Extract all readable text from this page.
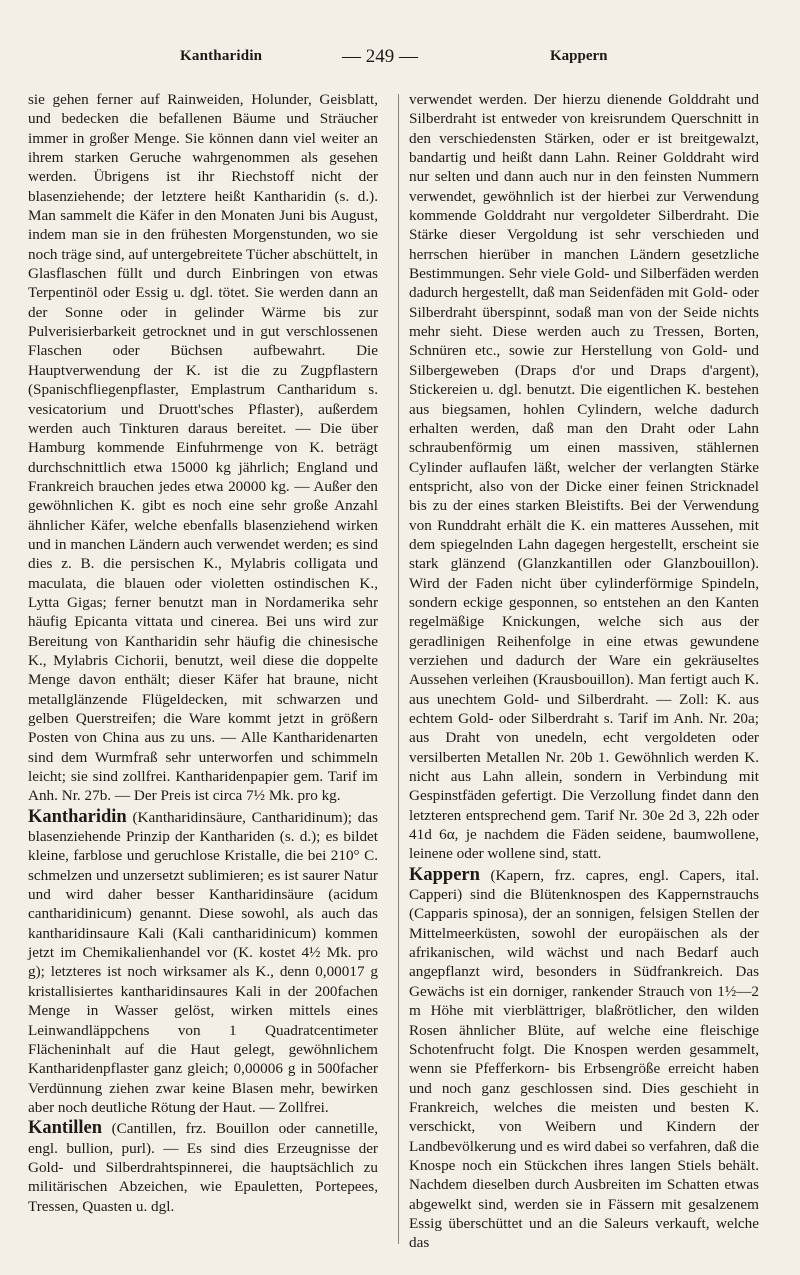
Kantharidin	— 249 —	Kappern

sie gehen ferner auf Rainweiden, Holunder, Geisblatt, und bedecken die befallenen Bäume und Sträucher immer in großer Menge. Sie können dann viel weiter an ihrem starken Geruche wahrgenommen als gesehen werden. Übrigens ist ihr Riechstoff nicht der blasenziehende; der letztere heißt Kantharidin (s. d.). Man sammelt die Käfer in den Monaten Juni bis August, indem man sie in den frühesten Morgenstunden, wo sie noch träge sind, auf untergebreitete Tücher abschüttelt, in Glasflaschen füllt und durch Einbringen von etwas Terpentinöl oder Essig u. dgl. tötet. Sie werden dann an der Sonne oder in gelinder Wärme bis zur Pulverisierbarkeit getrocknet und in gut verschlossenen Flaschen oder Büchsen aufbewahrt. Die Hauptverwendung der K. ist die zu Zugpflastern (Spanischfliegenpflaster, Emplastrum Cantharidum s. vesicatorium und Druott'sches Pflaster), außerdem werden auch Tinkturen daraus bereitet. — Die über Hamburg kommende Einfuhrmenge von K. beträgt durchschnittlich etwa 15000 kg jährlich; England und Frankreich brauchen jedes etwa 20000 kg. — Außer den gewöhnlichen K. gibt es noch eine sehr große Anzahl ähnlicher Käfer, welche ebenfalls blasenziehend wirken und in manchen Ländern auch verwendet werden; es sind dies z. B. die persischen K., Mylabris colligata und maculata, die blauen oder violetten ostindischen K., Lytta Gigas; ferner benutzt man in Nordamerika sehr häufig Epicanta vittata und cinerea. Bei uns wird zur Bereitung von Kantharidin sehr häufig die chinesische K., Mylabris Cichorii, benutzt, weil diese die doppelte Menge davon enthält; dieser Käfer hat braune, nicht metallglänzende Flügeldecken, mit schwarzen und gelben Querstreifen; die Ware kommt jetzt in größern Posten von China aus zu uns. — Alle Kantharidenarten sind dem Wurmfraß sehr unterworfen und schimmeln leicht; sie sind zollfrei. Kantharidenpapier gem. Tarif im Anh. Nr. 27b. — Der Preis ist circa 7½ Mk. pro kg.

Kantharidin (Kantharidinsäure, Cantharidinum); das blasenziehende Prinzip der Kanthariden (s. d.); es bildet kleine, farblose und geruchlose Kristalle, die bei 210° C. schmelzen und unzersetzt sublimieren; es ist saurer Natur und wird daher besser Kantharidinsäure (acidum cantharidinicum) genannt. Diese sowohl, als auch das kantharidinsaure Kali (Kali cantharidinicum) kommen jetzt im Chemikalienhandel vor (K. kostet 4½ Mk. pro g); letzteres ist noch wirksamer als K., denn 0,00017 g kristallisiertes kantharidinsaures Kali in der 200fachen Menge in Wasser gelöst, wirken mittels eines Leinwandläppchens von 1 Quadratcentimeter Flächeninhalt auf die Haut gelegt, gewöhnlichem Kantharidenpflaster ganz gleich; 0,00006 g in 500facher Verdünnung ziehen zwar keine Blasen mehr, bewirken aber noch deutliche Rötung der Haut. — Zollfrei.

Kantillen (Cantillen, frz. Bouillon oder cannetille, engl. bullion, purl). — Es sind dies Erzeugnisse der Gold- und Silberdrahtspinnerei, die hauptsächlich zu militärischen Abzeichen, wie Epauletten, Portepees, Tressen, Quasten u. dgl.

verwendet werden. Der hierzu dienende Golddraht und Silberdraht ist entweder von kreisrundem Querschnitt in den verschiedensten Stärken, oder er ist breitgewalzt, bandartig und heißt dann Lahn. Reiner Golddraht wird nur selten und dann auch nur in den feinsten Nummern verwendet, gewöhnlich ist der hierbei zur Verwendung kommende Golddraht nur vergoldeter Silberdraht. Die Stärke dieser Vergoldung ist sehr verschieden und herrschen hierüber in manchen Ländern gesetzliche Bestimmungen. Sehr viele Gold- und Silberfäden werden dadurch hergestellt, daß man Seidenfäden mit Gold- oder Silberdraht überspinnt, sodaß man von der Seide nichts mehr sieht. Diese werden auch zu Tressen, Borten, Schnüren etc., sowie zur Herstellung von Gold- und Silbergeweben (Draps d'or und Draps d'argent), Stickereien u. dgl. benutzt. Die eigentlichen K. bestehen aus biegsamen, hohlen Cylindern, welche dadurch erhalten werden, daß man den Draht oder Lahn schraubenförmig um einen massiven, stählernen Cylinder auflaufen läßt, welcher der verlangten Stärke entspricht, also von der Dicke einer feinen Stricknadel bis zu der eines starken Bleistifts. Bei der Verwendung von Runddraht erhält die K. ein matteres Aussehen, mit dem spiegelnden Lahn dagegen hergestellt, erscheint sie stark glänzend (Glanzkantillen oder Glanzbouillon). Wird der Faden nicht über cylinderförmige Spindeln, sondern eckige gesponnen, so entstehen an den Kanten regelmäßige Knickungen, welche sich aus der geradlinigen Reihenfolge in eine etwas gewundene verziehen und dadurch der Ware ein gekräuseltes Aussehen verleihen (Krausbouillon). Man fertigt auch K. aus unechtem Gold- und Silberdraht. — Zoll: K. aus echtem Gold- oder Silberdraht s. Tarif im Anh. Nr. 20a; aus Draht von unedeln, echt vergoldeten oder versilberten Metallen Nr. 20b 1. Gewöhnlich werden K. nicht aus Lahn allein, sondern in Verbindung mit Gespinstfäden gefertigt. Die Verzollung findet dann den letzteren entsprechend gem. Tarif Nr. 30e 2d 3, 22h oder 41d 6α, je nachdem die Fäden seidene, baumwollene, leinene oder wollene sind, statt.

Kappern (Kapern, frz. capres, engl. Capers, ital. Capperi) sind die Blütenknospen des Kappernstrauchs (Capparis spinosa), der an sonnigen, felsigen Stellen der Mittelmeerküsten, sowohl der europäischen als der afrikanischen, wild wächst und nach Bedarf auch angepflanzt wird, besonders in Südfrankreich. Das Gewächs ist ein dorniger, rankender Strauch von 1½—2 m Höhe mit vierblättriger, blaßrötlicher, den wilden Rosen ähnlicher Blüte, auf welche eine fleischige Schotenfrucht folgt. Die Knospen werden gesammelt, wenn sie Pfefferkorn- bis Erbsengröße erreicht haben und noch ganz geschlossen sind. Dies geschieht in Frankreich, welches die meisten und besten K. verschickt, von Weibern und Kindern der Landbevölkerung und es wird dabei so verfahren, daß die Knospe noch ein Stückchen ihres langen Stiels behält. Nachdem dieselben durch Ausbreiten im Schatten etwas abgewelkt sind, werden sie in Fässern mit gesalzenem Essig überschüttet und an die Saleurs verkauft, welche das
